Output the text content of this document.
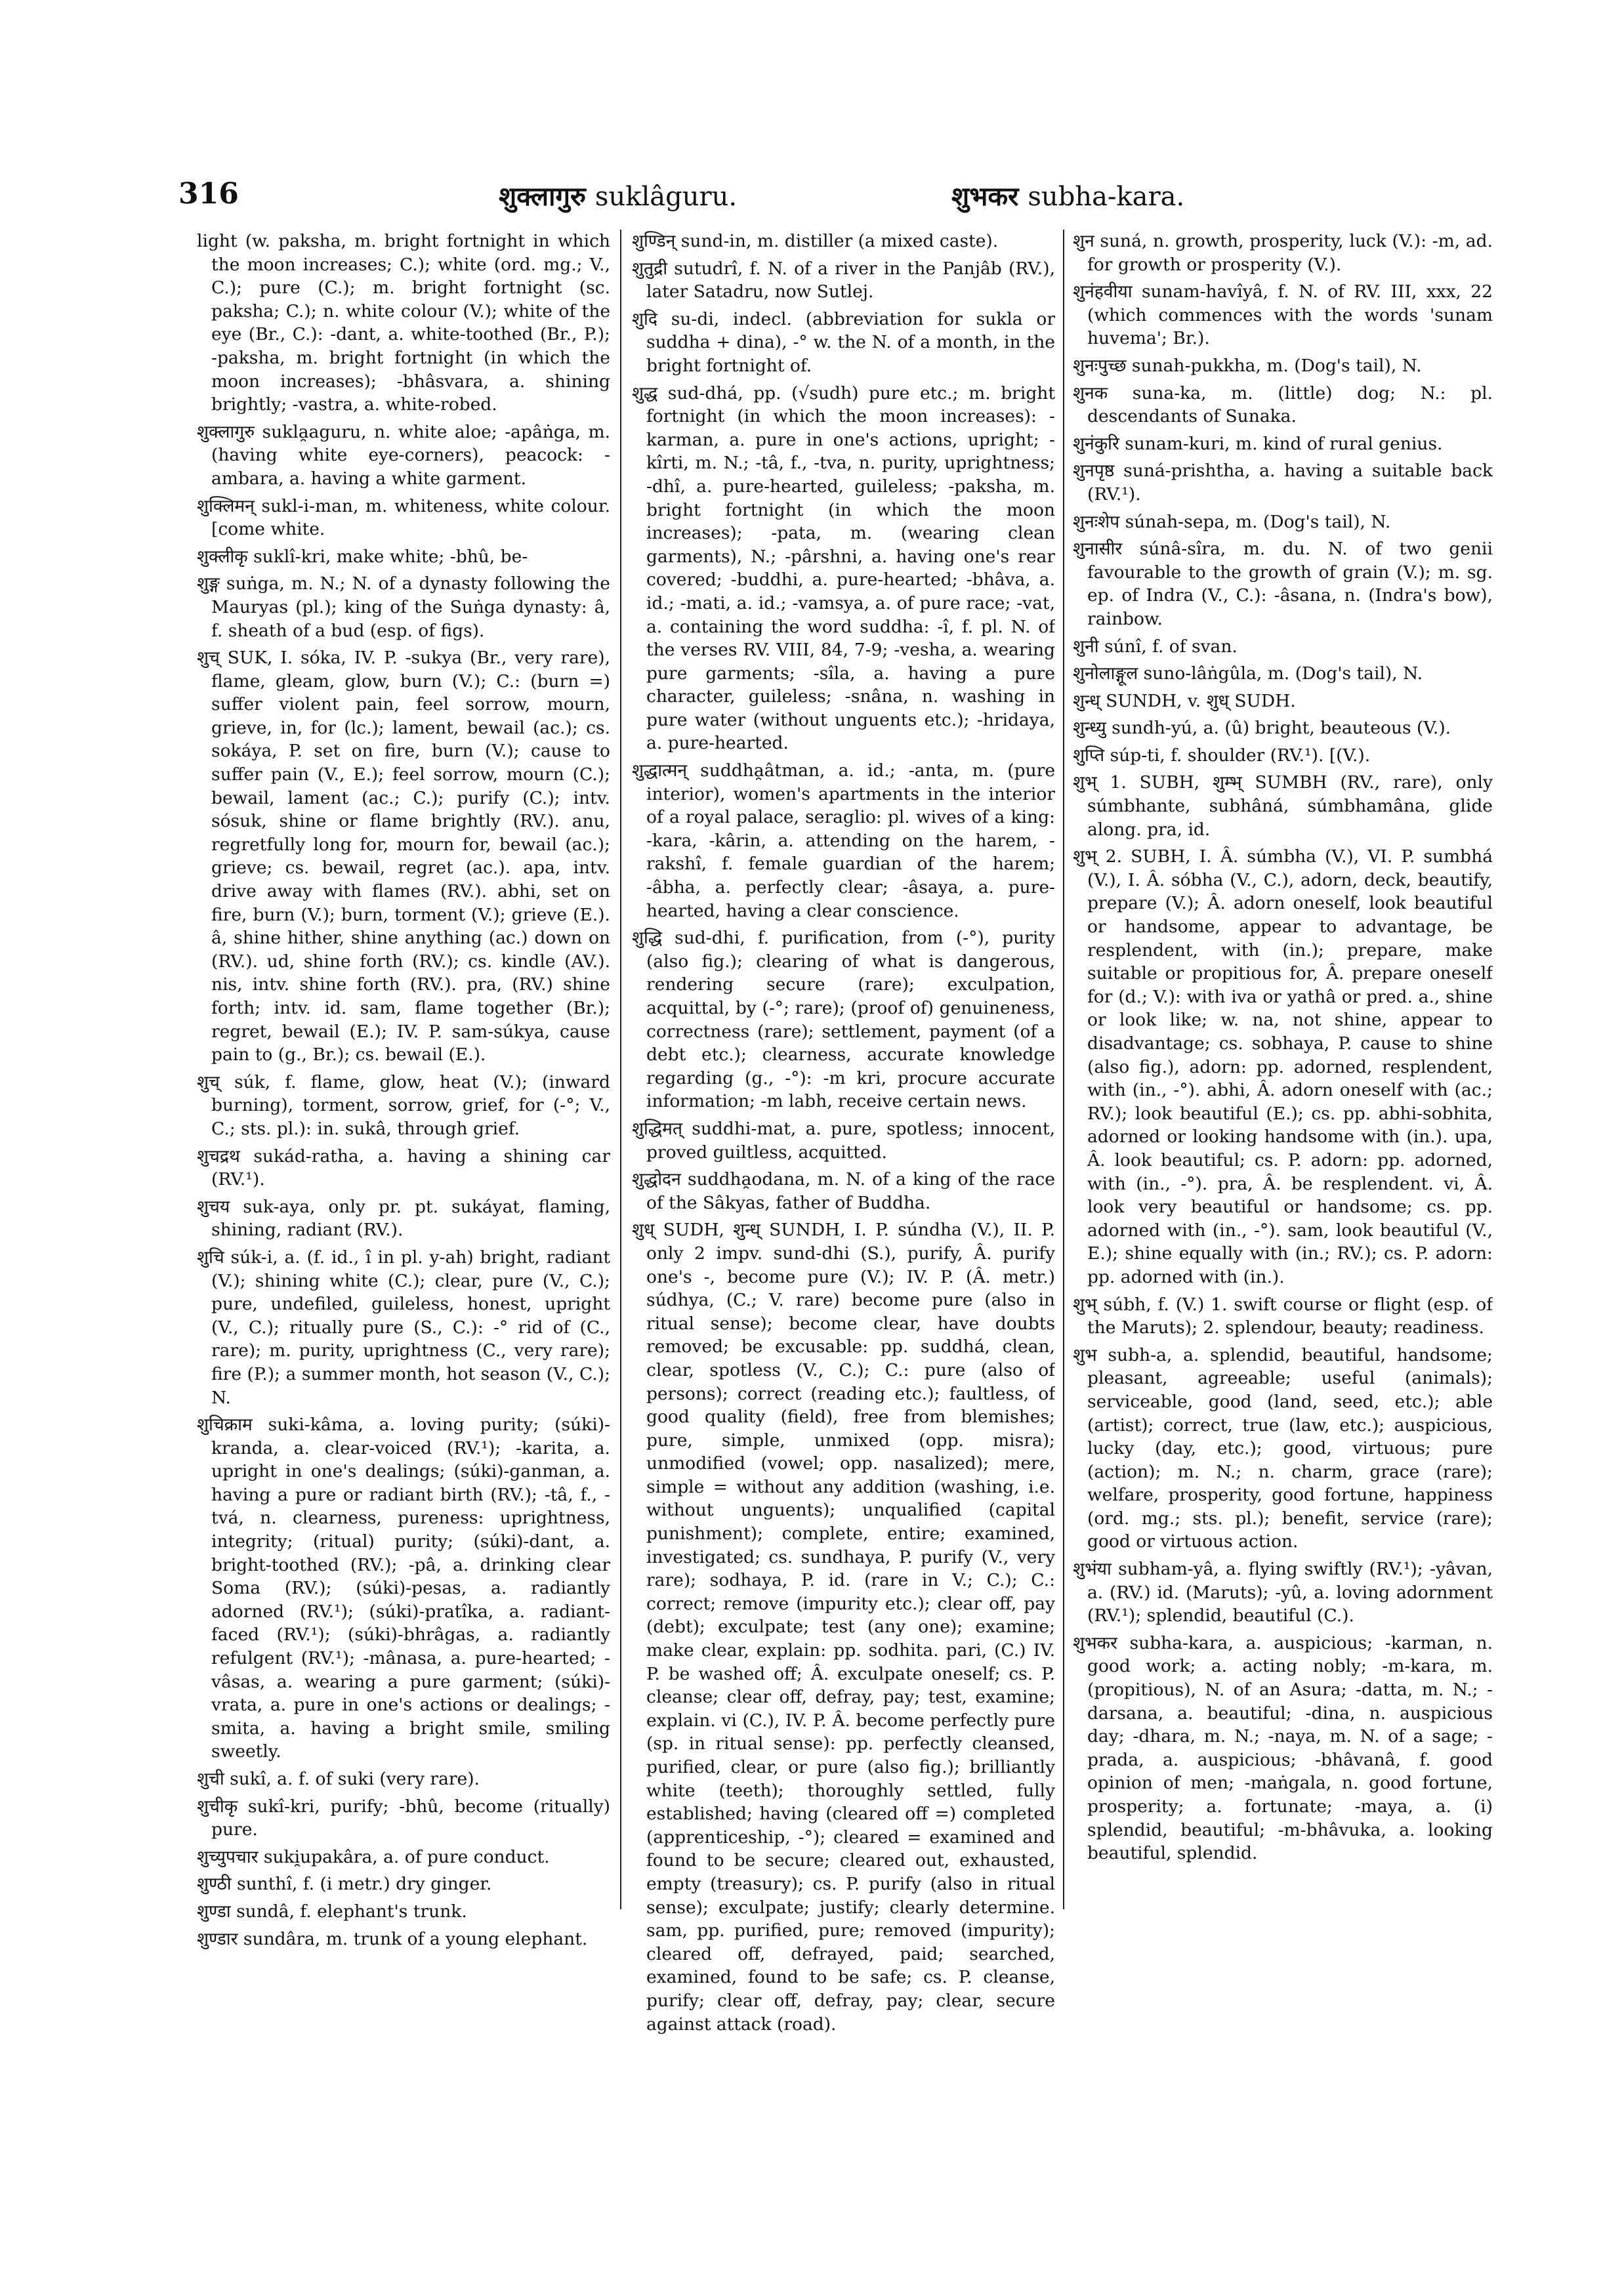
316	शुक्लागुरु suklâguru.	शुभकर subha-kara.

light (w. paksha, m. bright fortnight in which the moon increases; C.); white (ord. mg.; V., C.); pure (C.); m. bright fortnight (sc. paksha; C.); n. white colour (V.); white of the eye (Br., C.): -dant, a. white-toothed (Br., P.); -paksha, m. bright fortnight (in which the moon increases); -bhâsvara, a. shining brightly; -vastra, a. white-robed.

शुक्लागुरु sukla̯aguru, n. white aloe; -apâṅga, m. (having white eye-corners), peacock: -ambara, a. having a white garment.

शुक्लिमन् sukl-i-man, m. whiteness, white colour. [come white.

शुक्लीकृ suklî-kri, make white; -bhû, be-

शुङ्ग suṅga, m. N.; N. of a dynasty following the Mauryas (pl.); king of the Suṅga dynasty: â, f. sheath of a bud (esp. of figs).

शुच् SUK, I. sóka, IV. P. -sukya (Br., very rare), flame, gleam, glow, burn (V.); C.: (burn =) suffer violent pain, feel sorrow, mourn, grieve, in, for (lc.); lament, bewail (ac.); cs. sokáya, P. set on fire, burn (V.); cause to suffer pain (V., E.); feel sorrow, mourn (C.); bewail, lament (ac.; C.); purify (C.); intv. sósuk, shine or flame brightly (RV.). anu, regretfully long for, mourn for, bewail (ac.); grieve; cs. bewail, regret (ac.). apa, intv. drive away with flames (RV.). abhi, set on fire, burn (V.); burn, torment (V.); grieve (E.). â, shine hither, shine anything (ac.) down on (RV.). ud, shine forth (RV.); cs. kindle (AV.). nis, intv. shine forth (RV.). pra, (RV.) shine forth; intv. id. sam, flame together (Br.); regret, bewail (E.); IV. P. sam-súkya, cause pain to (g., Br.); cs. bewail (E.).

शुच् súk, f. flame, glow, heat (V.); (inward burning), torment, sorrow, grief, for (-°; V., C.; sts. pl.): in. sukâ, through grief.

शुचद्रथ sukád-ratha, a. having a shining car (RV.¹).

शुचय suk-aya, only pr. pt. sukáyat, flaming, shining, radiant (RV.).

शुचि súk-i, a. (f. id., î in pl. y-ah) bright, radiant (V.); shining white (C.); clear, pure (V., C.); pure, undefiled, guileless, honest, upright (V., C.); ritually pure (S., C.): -° rid of (C., rare); m. purity, uprightness (C., very rare); fire (P.); a summer month, hot season (V., C.); N.

शुचिक्राम suki-kâma, a. loving purity; (súki)-kranda, a. clear-voiced (RV.¹); -karita, a. upright in one's dealings; (súki)-ganman, a. having a pure or radiant birth (RV.); -tâ, f., -tvá, n. clearness, pureness: uprightness, integrity; (ritual) purity; (súki)-dant, a. bright-toothed (RV.); -pâ, a. drinking clear Soma (RV.); (súki)-pesas, a. radiantly adorned (RV.¹); (súki)-pratîka, a. radiant-faced (RV.¹); (súki)-bhrâgas, a. radiantly refulgent (RV.¹); -mânasa, a. pure-hearted; -vâsas, a. wearing a pure garment; (súki)-vrata, a. pure in one's actions or dealings; -smita, a. having a bright smile, smiling sweetly.

शुची sukî, a. f. of suki (very rare).

शुचीकृ sukî-kri, purify; -bhû, become (ritually) pure.

शुच्युपचार suki̯upakâra, a. of pure conduct.

शुण्ठी sunthî, f. (i metr.) dry ginger.

शुण्डा sundâ, f. elephant's trunk.

शुण्डार sundâra, m. trunk of a young elephant.

शुण्डिन् sund-in, m. distiller (a mixed caste).

शुतुद्री sutudrî, f. N. of a river in the Panjâb (RV.), later Satadru, now Sutlej.

शुदि su-di, indecl. (abbreviation for sukla or suddha + dina), -° w. the N. of a month, in the bright fortnight of.

शुद्ध sud-dhá, pp. (√sudh) pure etc.; m. bright fortnight (in which the moon increases): -karman, a. pure in one's actions, upright; -kîrti, m. N.; -tâ, f., -tva, n. purity, uprightness; -dhî, a. pure-hearted, guileless; -paksha, m. bright fortnight (in which the moon increases); -pata, m. (wearing clean garments), N.; -pârshni, a. having one's rear covered; -buddhi, a. pure-hearted; -bhâva, a. id.; -mati, a. id.; -vamsya, a. of pure race; -vat, a. containing the word suddha: -î, f. pl. N. of the verses RV. VIII, 84, 7-9; -vesha, a. wearing pure garments; -sîla, a. having a pure character, guileless; -snâna, n. washing in pure water (without unguents etc.); -hridaya, a. pure-hearted.

शुद्धात्मन् suddha̯âtman, a. id.; -anta, m. (pure interior), women's apartments in the interior of a royal palace, seraglio: pl. wives of a king: -kara, -kârin, a. attending on the harem, -rakshî, f. female guardian of the harem; -âbha, a. perfectly clear; -âsaya, a. pure-hearted, having a clear conscience.

शुद्धि sud-dhi, f. purification, from (-°), purity (also fig.); clearing of what is dangerous, rendering secure (rare); exculpation, acquittal, by (-°; rare); (proof of) genuineness, correctness (rare); settlement, payment (of a debt etc.); clearness, accurate knowledge regarding (g., -°): -m kri, procure accurate information; -m labh, receive certain news.

शुद्धिमत् suddhi-mat, a. pure, spotless; innocent, proved guiltless, acquitted.

शुद्धोदन suddha̯odana, m. N. of a king of the race of the Sâkyas, father of Buddha.

शुध् SUDH, शुन्ध् SUNDH, I. P. súndha (V.), II. P. only 2 impv. sund-dhi (S.), purify, Â. purify one's -, become pure (V.); IV. P. (Â. metr.) súdhya, (C.; V. rare) become pure (also in ritual sense); become clear, have doubts removed; be excusable: pp. suddhá, clean, clear, spotless (V., C.); C.: pure (also of persons); correct (reading etc.); faultless, of good quality (field), free from blemishes; pure, simple, unmixed (opp. misra); unmodified (vowel; opp. nasalized); mere, simple = without any addition (washing, i.e. without unguents); unqualified (capital punishment); complete, entire; examined, investigated; cs. sundhaya, P. purify (V., very rare); sodhaya, P. id. (rare in V.; C.); C.: correct; remove (impurity etc.); clear off, pay (debt); exculpate; test (any one); examine; make clear, explain: pp. sodhita. pari, (C.) IV. P. be washed off; Â. exculpate oneself; cs. P. cleanse; clear off, defray, pay; test, examine; explain. vi (C.), IV. P. Â. become perfectly pure (sp. in ritual sense): pp. perfectly cleansed, purified, clear, or pure (also fig.); brilliantly white (teeth); thoroughly settled, fully established; having (cleared off =) completed (apprenticeship, -°); cleared = examined and found to be secure; cleared out, exhausted, empty (treasury); cs. P. purify (also in ritual sense); exculpate; justify; clearly determine. sam, pp. purified, pure; removed (impurity); cleared off, defrayed, paid; searched, examined, found to be safe; cs. P. cleanse, purify; clear off, defray, pay; clear, secure against attack (road).

शुन suná, n. growth, prosperity, luck (V.): -m, ad. for growth or prosperity (V.).

शुनंहवीया sunam-havîyâ, f. N. of RV. III, xxx, 22 (which commences with the words 'sunam huvema'; Br.).

शुनःपुच्छ sunah-pukkha, m. (Dog's tail), N.

शुनक suna-ka, m. (little) dog; N.: pl. descendants of Sunaka.

शुनंकुरि sunam-kuri, m. kind of rural genius.

शुनपृष्ठ suná-prishtha, a. having a suitable back (RV.¹).

शुनःशेप súnah-sepa, m. (Dog's tail), N.

शुनासीर súnâ-sîra, m. du. N. of two genii favourable to the growth of grain (V.); m. sg. ep. of Indra (V., C.): -âsana, n. (Indra's bow), rainbow.

शुनी súnî, f. of svan.

शुनोलाङ्गूल suno-lâṅgûla, m. (Dog's tail), N.

शुन्ध् SUNDH, v. शुध् SUDH.

शुन्ध्यु sundh-yú, a. (û) bright, beauteous (V.).

शुप्ति súp-ti, f. shoulder (RV.¹). [(V.).

शुभ् 1. SUBH, शुम्भ् SUMBH (RV., rare), only súmbhante, subhâná, súmbhamâna, glide along. pra, id.

शुभ् 2. SUBH, I. Â. súmbha (V.), VI. P. sumbhá (V.), I. Â. sóbha (V., C.), adorn, deck, beautify, prepare (V.); Â. adorn oneself, look beautiful or handsome, appear to advantage, be resplendent, with (in.); prepare, make suitable or propitious for, Â. prepare oneself for (d.; V.): with iva or yathâ or pred. a., shine or look like; w. na, not shine, appear to disadvantage; cs. sobhaya, P. cause to shine (also fig.), adorn: pp. adorned, resplendent, with (in., -°). abhi, Â. adorn oneself with (ac.; RV.); look beautiful (E.); cs. pp. abhi-sobhita, adorned or looking handsome with (in.). upa, Â. look beautiful; cs. P. adorn: pp. adorned, with (in., -°). pra, Â. be resplendent. vi, Â. look very beautiful or handsome; cs. pp. adorned with (in., -°). sam, look beautiful (V., E.); shine equally with (in.; RV.); cs. P. adorn: pp. adorned with (in.).

शुभ् súbh, f. (V.) 1. swift course or flight (esp. of the Maruts); 2. splendour, beauty; readiness.

शुभ subh-a, a. splendid, beautiful, handsome; pleasant, agreeable; useful (animals); serviceable, good (land, seed, etc.); able (artist); correct, true (law, etc.); auspicious, lucky (day, etc.); good, virtuous; pure (action); m. N.; n. charm, grace (rare); welfare, prosperity, good fortune, happiness (ord. mg.; sts. pl.); benefit, service (rare); good or virtuous action.

शुभंया subham-yâ, a. flying swiftly (RV.¹); -yâvan, a. (RV.) id. (Maruts); -yû, a. loving adornment (RV.¹); splendid, beautiful (C.).

शुभकर subha-kara, a. auspicious; -karman, n. good work; a. acting nobly; -m-kara, m. (propitious), N. of an Asura; -datta, m. N.; -darsana, a. beautiful; -dina, n. auspicious day; -dhara, m. N.; -naya, m. N. of a sage; -prada, a. auspicious; -bhâvanâ, f. good opinion of men; -maṅgala, n. good fortune, prosperity; a. fortunate; -maya, a. (i) splendid, beautiful; -m-bhâvuka, a. looking beautiful, splendid.
